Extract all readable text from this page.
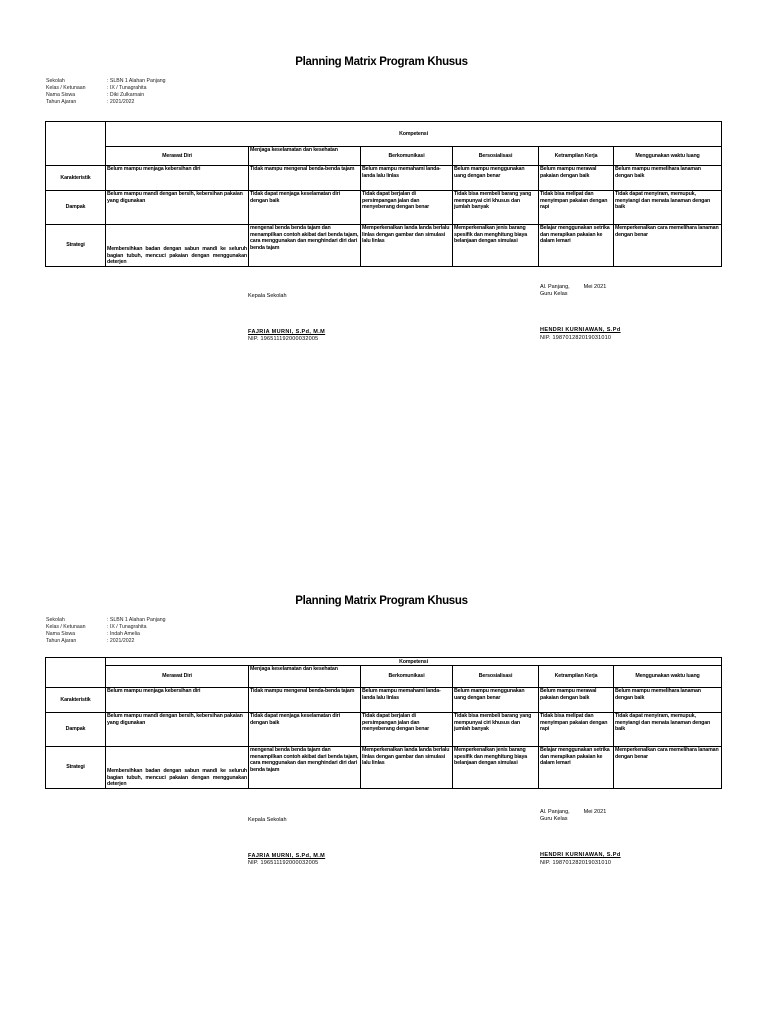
Planning Matrix Program Khusus
Sekolah	: SLBN 1 Alahan Panjang
Kelas / Ketunaan	: IX / Tunagrahita
Nama Siswa	: Diki Zulkarnain
Tahun Ajaran	: 2021/2022
	Kompetensi					
	Merawat Diri	Menjaga keselamatan dan kesehatan	Berkomunikasi	Bersosialisasi	Ketrampilan Kerja	Menggunakan waktu luang
Karakteristik	Belum mampu menjaga kebersihan diri	Tidak mampu mengenal benda-benda tajam	Belum mampu memahami landa-landa lalu linlas	Belum mampu menggunakan uang dengan benar	Belum mampu merawal pakaian dengan baik	Belum mampu memelihara lanaman dengan baik
Dampak	Belum mampu mandi dengan bersih, kebersihan pakaian yang digunakan	Tidak dapat menjaga keselamatan diri dengan baik	Tidak dapat berjalan di persimpangan jalan dan menyeberang dengan benar	Tidak bisa membeli barang yang mempunyai ciri khusus dan jumlah banyak	Tidak bisa melipat dan menyimpan pakaian dengan rapi	Tidak dapat menyiram, memupuk, menyiangi dan menata lanaman dengan baik
Strategi	Membersihkan badan dengan sabun mandi ke seluruh bagian tubuh, mencuci pakaian dengan menggunakan deterjen	mengenal benda benda tajam dan menampilkan contoh akibat dari benda tajam, cara menggunakan dan menghindari diri dari benda tajam	Memperkenalkan landa landa berlalu linlas dengan gambar dan simulasi lalu linlas	Memperkenalkan jenis barang spesifik dan menghitung biaya belanjaan dengan simulasi	Belajar menggunakan setrika dan merapikan pakaian ke dalam lemari	Memperkenalkan cara memelihara lanaman dengan benar
Kepala Sekolah
FAJRIA MURNI, S.Pd, M.M
NIP. 196511192000032005
Al. Panjang,	Mei 2021
Guru Kelas
HENDRI KURNIAWAN, S.Pd
NIP. 198701282019031010
Planning Matrix Program Khusus
Sekolah	: SLBN 1 Alahan Panjang
Kelas / Ketunaan	: IX / Tunagrahita
Nama Siswa	: Indah Amelia
Tahun Ajaran	: 2021/2022
	Kompetensi					
	Merawat Diri	Menjaga keselamatan dan kesehatan	Berkomunikasi	Bersosialisasi	Ketrampilan Kerja	Menggunakan waktu luang
Karakteristik	Belum mampu menjaga kebersihan diri	Tidak mampu mengenal benda-benda tajam	Belum mampu memahami landa-landa lalu linlas	Belum mampu menggunakan uang dengan benar	Belum mampu merawal pakaian dengan baik	Belum mampu memelihara lanaman dengan baik
Dampak	Belum mampu mandi dengan bersih, kebersihan pakaian yang digunakan	Tidak dapat menjaga keselamatan diri dengan baik	Tidak dapat berjalan di persimpangan jalan dan menyeberang dengan benar	Tidak bisa membeli barang yang mempunyai ciri khusus dan jumlah banyak	Tidak bisa melipat dan menyimpan pakaian dengan rapi	Tidak dapat menyiram, memupuk, menyiangi dan menata lanaman dengan baik
Strategi	Membersihkan badan dengan sabun mandi ke seluruh bagian tubuh, mencuci pakaian dengan menggunakan deterjen	mengenal benda benda tajam dan menampilkan contoh akibat dari benda tajam, cara menggunakan dan menghindari diri dari benda tajam	Memperkenalkan landa landa berlalu linlas dengan gambar dan simulasi lalu linlas	Memperkenalkan jenis barang spesifik dan menghitung biaya belanjaan dengan simulasi	Belajar menggunakan setrika dan merapikan pakaian ke dalam lemari	Memperkenalkan cara memelihara lanaman dengan benar
Kepala Sekolah
FAJRIA MURNI, S.Pd, M.M
NIP. 196511192000032005
Al. Panjang,	Mei 2021
Guru Kelas
HENDRI KURNIAWAN, S.Pd
NIP. 198701282019031010
